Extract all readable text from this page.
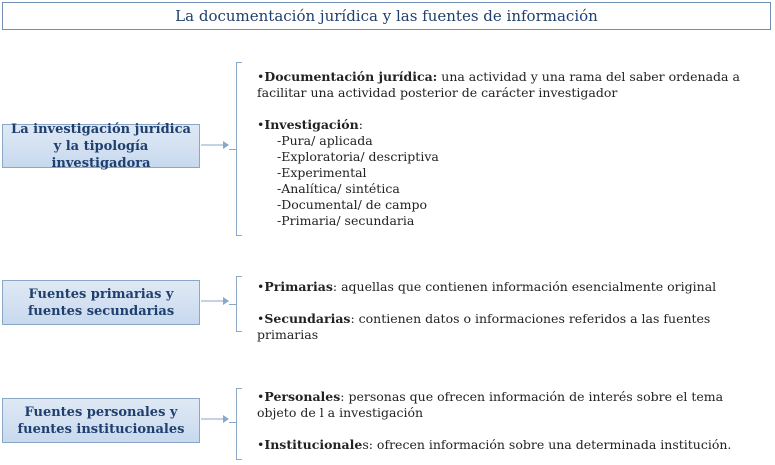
La documentación jurídica y las fuentes de información
La investigación jurídica y la tipología investigadora

•Documentación jurídica: una actividad y una rama del saber ordenada a facilitar una actividad posterior de carácter investigador

•Investigación:

-Pura/ aplicada

-Exploratoria/ descriptiva

-Experimental

-Analítica/ sintética

-Documental/ de campo

-Primaria/ secundaria

Fuentes primarias y fuentes secundarias

•Primarias: aquellas que contienen información esencialmente original

•Secundarias: contienen datos o informaciones referidos a las fuentes primarias

Fuentes personales y fuentes institucionales

•Personales: personas que ofrecen información de interés sobre el tema objeto de l a investigación

•Institucionales: ofrecen información sobre una determinada institución.
